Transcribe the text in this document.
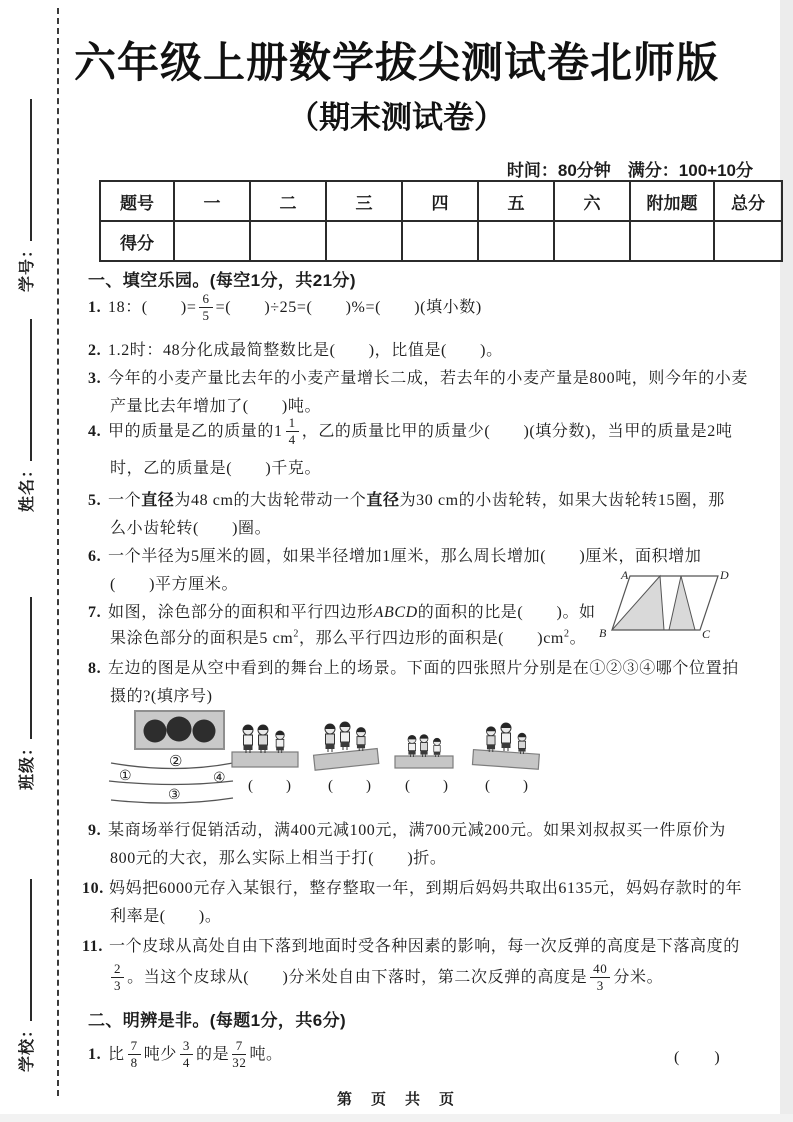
学号：
姓名：
班级：
学校：
六年级上册数学拔尖测试卷北师版
（期末测试卷）
时间：80分钟　满分：100+10分
题号	一	二	三	四	五	六	附加题	总分
得分								
一、填空乐园。(每空1分，共21分)
1. 18：(　　)= $\frac{6}{5}$ =(　　)÷25=(　　)%=(　　)(填小数)
2. 1.2时：48分化成最简整数比是(　　)，比值是(　　)。
3. 今年的小麦产量比去年的小麦产量增长二成，若去年的小麦产量是800吨，则今年的小麦
产量比去年增加了(　　)吨。
4. 甲的质量是乙的质量的$1 \frac{1}{4}$ ，乙的质量比甲的质量少(　　)(填分数)，当甲的质量是2吨
时，乙的质量是(　　)千克。
5. 一个直径为48 cm的大齿轮带动一个直径为30 cm的小齿轮转，如果大齿轮转15圈，那
么小齿轮转(　　)圈。
6. 一个半径为5厘米的圆，如果半径增加1厘米，那么周长增加(　　)厘米，面积增加
(　　)平方厘米。
7. 如图，涂色部分的面积和平行四边形ABCD的面积的比是(　　)。如
果涂色部分的面积是5 $cm^2$，那么平行四边形的面积是(　　)$cm^2$。
A	D
B	C
8. 左边的图是从空中看到的舞台上的场景。下面的四张照片分别是在①②③④哪个位置拍
摄的?(填序号)
②
①	④
③
(　　) (　　) (　　) (　　)
9. 某商场举行促销活动，满400元减100元，满700元减200元。如果刘叔叔买一件原价为
800元的大衣，那么实际上相当于打(　　)折。
10. 妈妈把6000元存入某银行，整存整取一年，到期后妈妈共取出6135元，妈妈存款时的年
利率是(　　)。
11. 一个皮球从高处自由下落到地面时受各种因素的影响，每一次反弹的高度是下落高度的
$\frac{2}{3}$ 。当这个皮球从(　　)分米处自由下落时，第二次反弹的高度是 $\frac{40}{3}$ 分米。
二、明辨是非。(每题1分，共6分)
1. 比 $\frac{7}{8}$ 吨少 $\frac{3}{4}$ 的是 $\frac{7}{32}$ 吨。	(　　)
第　页　共　页
